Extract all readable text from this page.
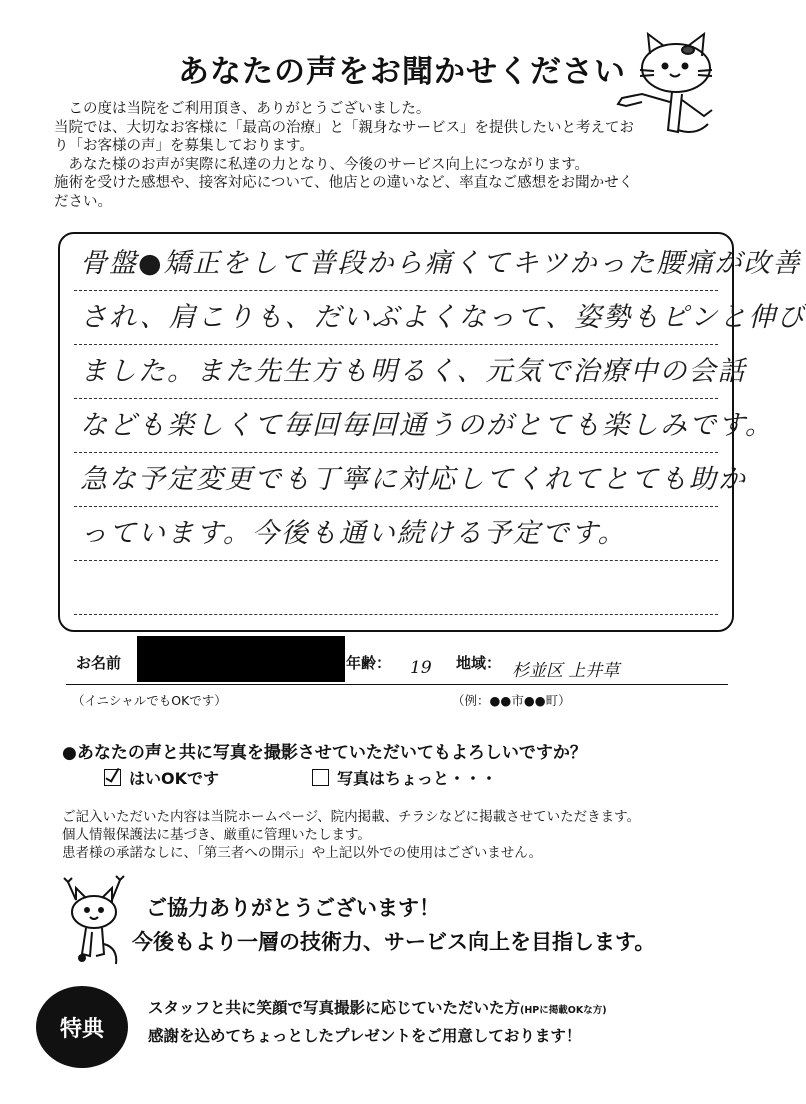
あなたの声をお聞かせください

　この度は当院をご利用頂き、ありがとうございました。

当院では、大切なお客様に「最高の治療」と「親身なサービス」を提供したいと考えてお

り「お客様の声」を募集しております。

　あなた様のお声が実際に私達の力となり、今後のサービス向上につながります。

施術を受けた感想や、接客対応について、他店との違いなど、率直なご感想をお聞かせく

ださい。

骨盤●矯正をして普段から痛くてキツかった腰痛が改善
され、肩こりも、だいぶよくなって、姿勢もピンと伸び
ました。また先生方も明るく、元気で治療中の会話
なども楽しくて毎回毎回通うのがとても楽しみです。
急な予定変更でも丁寧に対応してくれてとても助か
っています。今後も通い続ける予定です。
お名前	年齢： 19 地域： 杉並区 上井草
（イニシャルでもOKです）	（例：●●市●●町）
●あなたの声と共に写真を撮影させていただいてもよろしいですか？
はいOKです	写真はちょっと・・・

ご記入いただいた内容は当院ホームページ、院内掲載、チラシなどに掲載させていただきます。

個人情報保護法に基づき、厳重に管理いたします。

患者様の承諾なしに、「第三者への開示」や上記以外での使用はございません。

ご協力ありがとうございます！
今後もより一層の技術力、サービス向上を目指します。
特典
スタッフと共に笑顔で写真撮影に応じていただいた方(HPに掲載OKな方)
感謝を込めてちょっとしたプレゼントをご用意しております！
